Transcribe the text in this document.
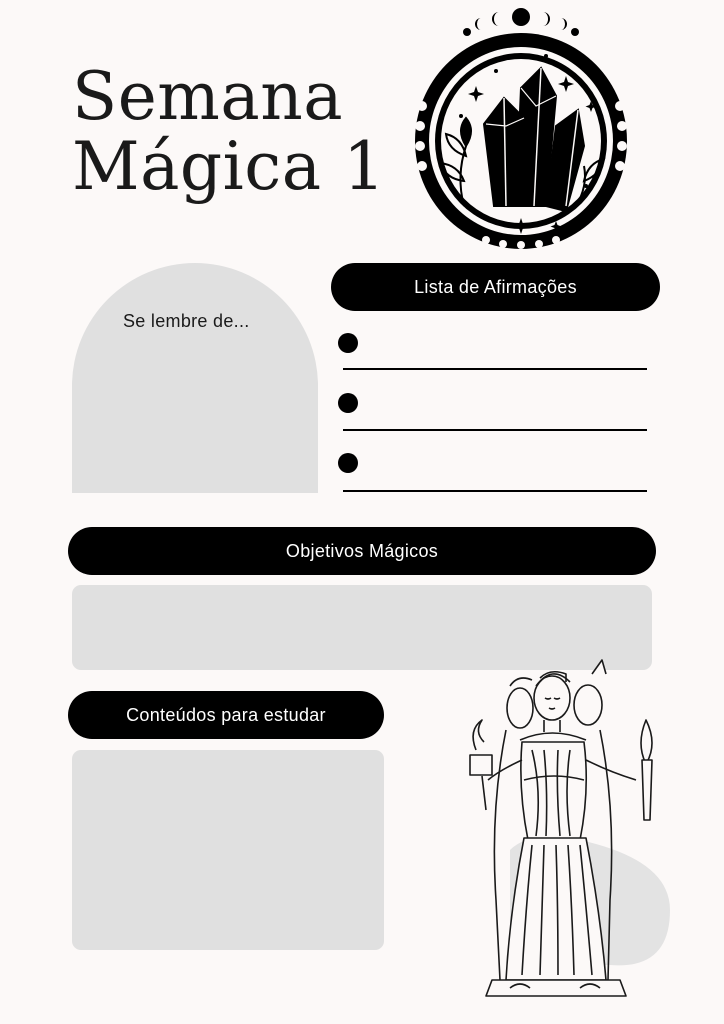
Semana
Mágica 1
Se lembre de...
Lista de Afirmações
Objetivos Mágicos
Conteúdos para estudar
